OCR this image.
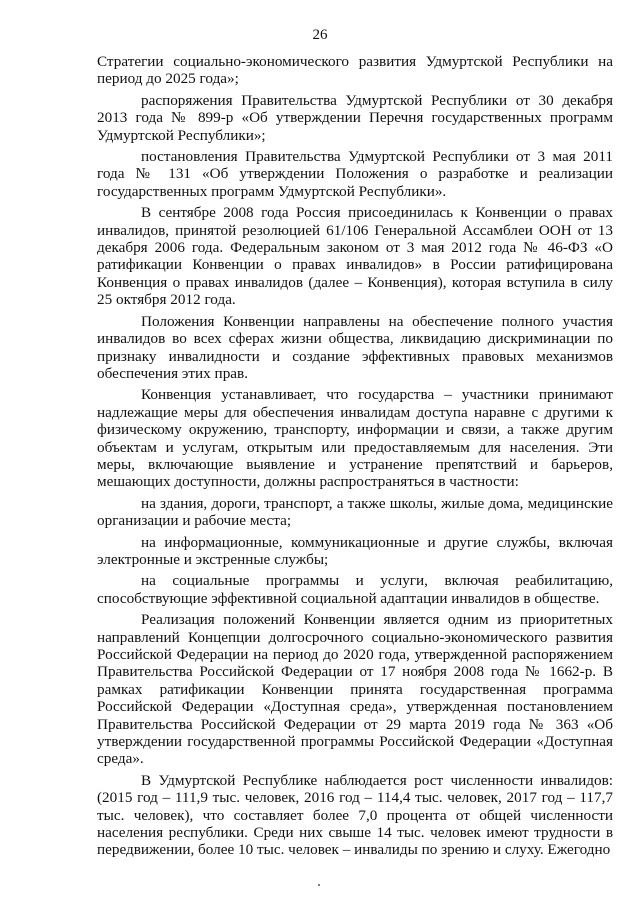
26

Стратегии социально-экономического развития Удмуртской Республики на период до 2025 года»;

распоряжения Правительства Удмуртской Республики от 30 декабря 2013 года № 899-р «Об утверждении Перечня государственных программ Удмуртской Республики»;

постановления Правительства Удмуртской Республики от 3 мая 2011 года № 131 «Об утверждении Положения о разработке и реализации государственных программ Удмуртской Республики».

В сентябре 2008 года Россия присоединилась к Конвенции о правах инвалидов, принятой резолюцией 61/106 Генеральной Ассамблеи ООН от 13 декабря 2006 года. Федеральным законом от 3 мая 2012 года № 46-ФЗ «О ратификации Конвенции о правах инвалидов» в России ратифицирована Конвенция о правах инвалидов (далее – Конвенция), которая вступила в силу 25 октября 2012 года.

Положения Конвенции направлены на обеспечение полного участия инвалидов во всех сферах жизни общества, ликвидацию дискриминации по признаку инвалидности и создание эффективных правовых механизмов обеспечения этих прав.

Конвенция устанавливает, что государства – участники принимают надлежащие меры для обеспечения инвалидам доступа наравне с другими к физическому окружению, транспорту, информации и связи, а также другим объектам и услугам, открытым или предоставляемым для населения. Эти меры, включающие выявление и устранение препятствий и барьеров, мешающих доступности, должны распространяться в частности:

на здания, дороги, транспорт, а также школы, жилые дома, медицинские организации и рабочие места;

на информационные, коммуникационные и другие службы, включая электронные и экстренные службы;

на социальные программы и услуги, включая реабилитацию, способствующие эффективной социальной адаптации инвалидов в обществе.

Реализация положений Конвенции является одним из приоритетных направлений Концепции долгосрочного социально-экономического развития Российской Федерации на период до 2020 года, утвержденной распоряжением Правительства Российской Федерации от 17 ноября 2008 года № 1662-р. В рамках ратификации Конвенции принята государственная программа Российской Федерации «Доступная среда», утвержденная постановлением Правительства Российской Федерации от 29 марта 2019 года № 363 «Об утверждении государственной программы Российской Федерации «Доступная среда».

В Удмуртской Республике наблюдается рост численности инвалидов: (2015 год – 111,9 тыс. человек, 2016 год – 114,4 тыс. человек, 2017 год – 117,7 тыс. человек), что составляет более 7,0 процента от общей численности населения республики. Среди них свыше 14 тыс. человек имеют трудности в передвижении, более 10 тыс. человек – инвалиды по зрению и слуху. Ежегодно
